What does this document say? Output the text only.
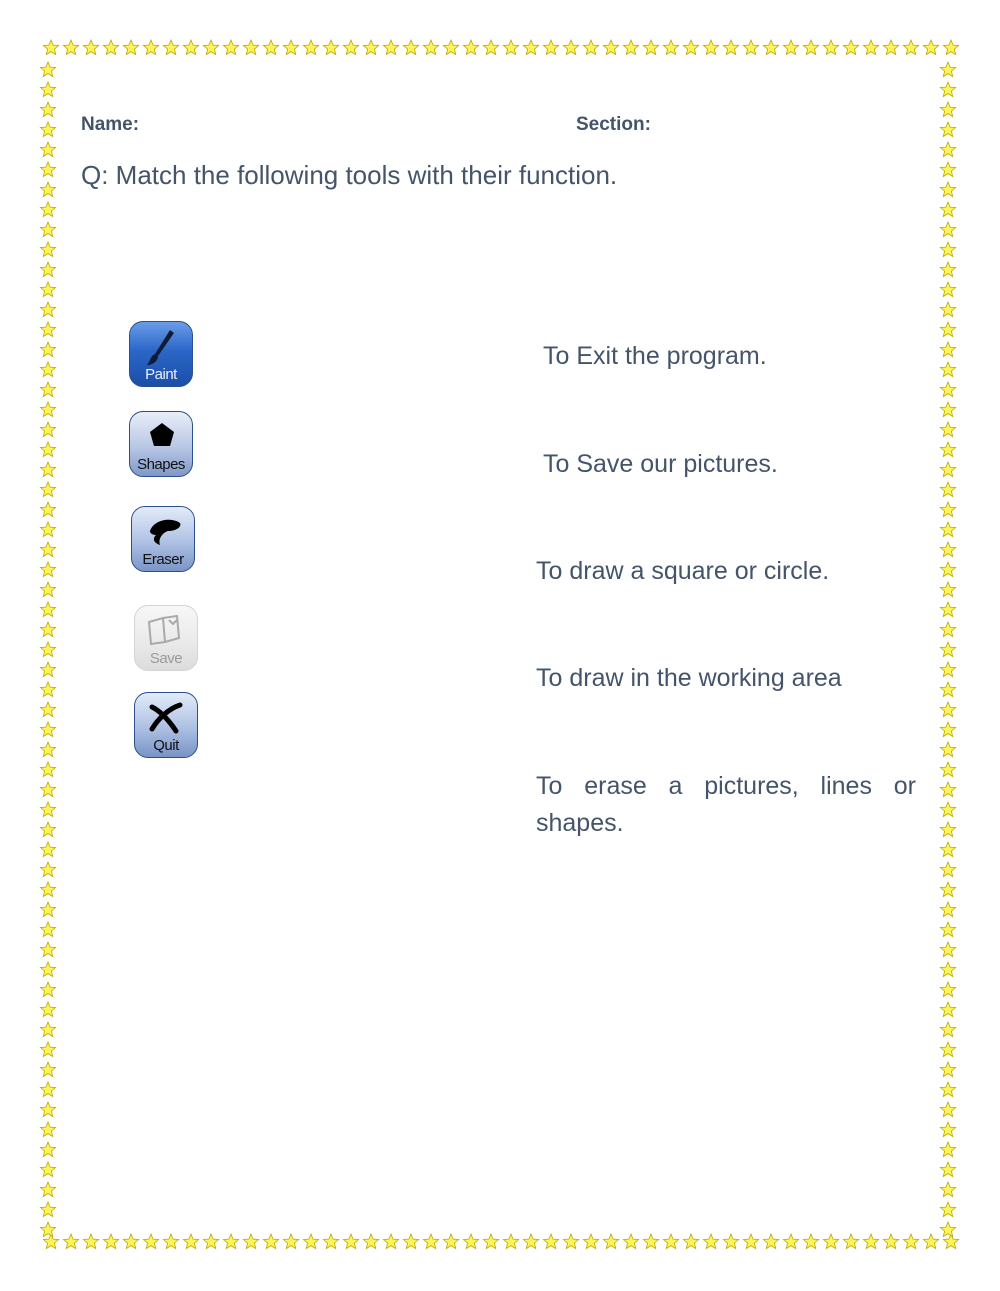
Name:	Section:
Q: Match the following tools with their function.
Paint
Shapes
Eraser
Save
Quit
To Exit the program.
To Save our pictures.
To draw a square or circle.
To draw in the working area
To erase a pictures, lines or shapes.
